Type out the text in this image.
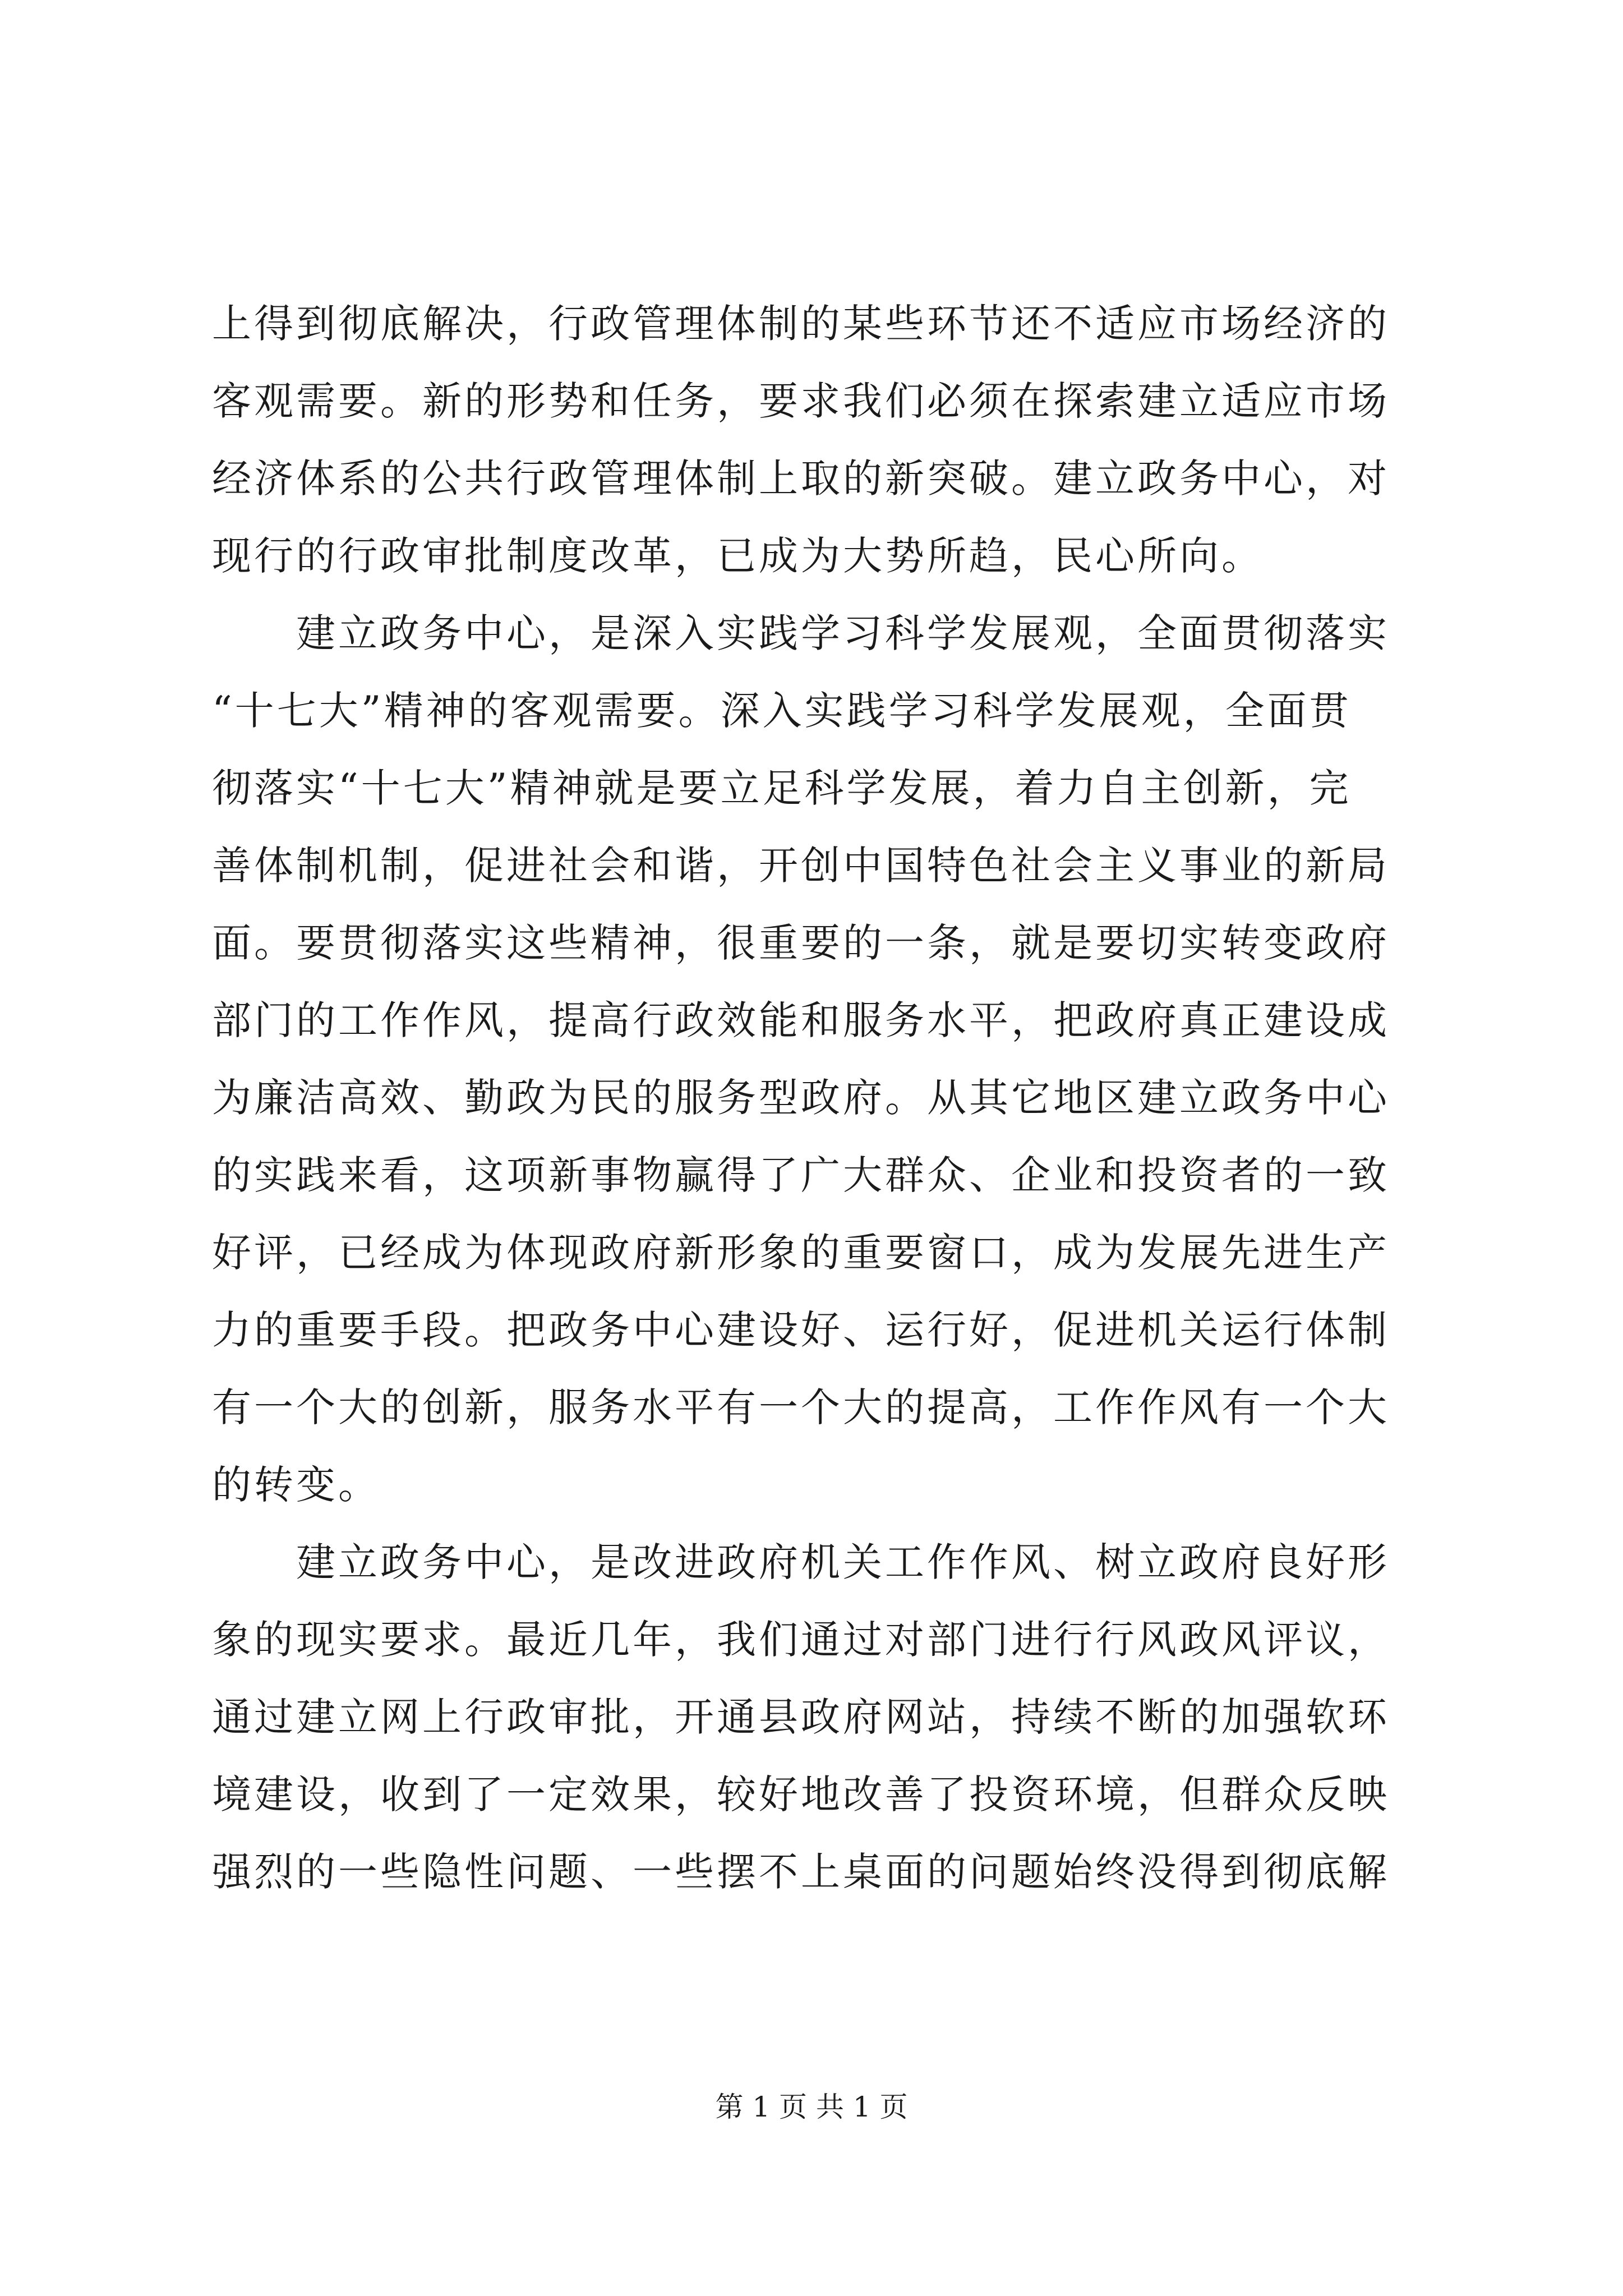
上得到彻底解决，行政管理体制的某些环节还不适应市场经济的
客观需要。新的形势和任务，要求我们必须在探索建立适应市场
经济体系的公共行政管理体制上取的新突破。建立政务中心，对
现行的行政审批制度改革，已成为大势所趋，民心所向。
建立政务中心，是深入实践学习科学发展观，全面贯彻落实
“十七大”精神的客观需要。深入实践学习科学发展观，全面贯
彻落实“十七大”精神就是要立足科学发展，着力自主创新，完
善体制机制，促进社会和谐，开创中国特色社会主义事业的新局
面。要贯彻落实这些精神，很重要的一条，就是要切实转变政府
部门的工作作风，提高行政效能和服务水平，把政府真正建设成
为廉洁高效、勤政为民的服务型政府。从其它地区建立政务中心
的实践来看，这项新事物赢得了广大群众、企业和投资者的一致
好评，已经成为体现政府新形象的重要窗口，成为发展先进生产
力的重要手段。把政务中心建设好、运行好，促进机关运行体制
有一个大的创新，服务水平有一个大的提高，工作作风有一个大
的转变。
建立政务中心，是改进政府机关工作作风、树立政府良好形
象的现实要求。最近几年，我们通过对部门进行行风政风评议，
通过建立网上行政审批，开通县政府网站，持续不断的加强软环
境建设，收到了一定效果，较好地改善了投资环境，但群众反映
强烈的一些隐性问题、一些摆不上桌面的问题始终没得到彻底解
第 1 页 共 1 页
